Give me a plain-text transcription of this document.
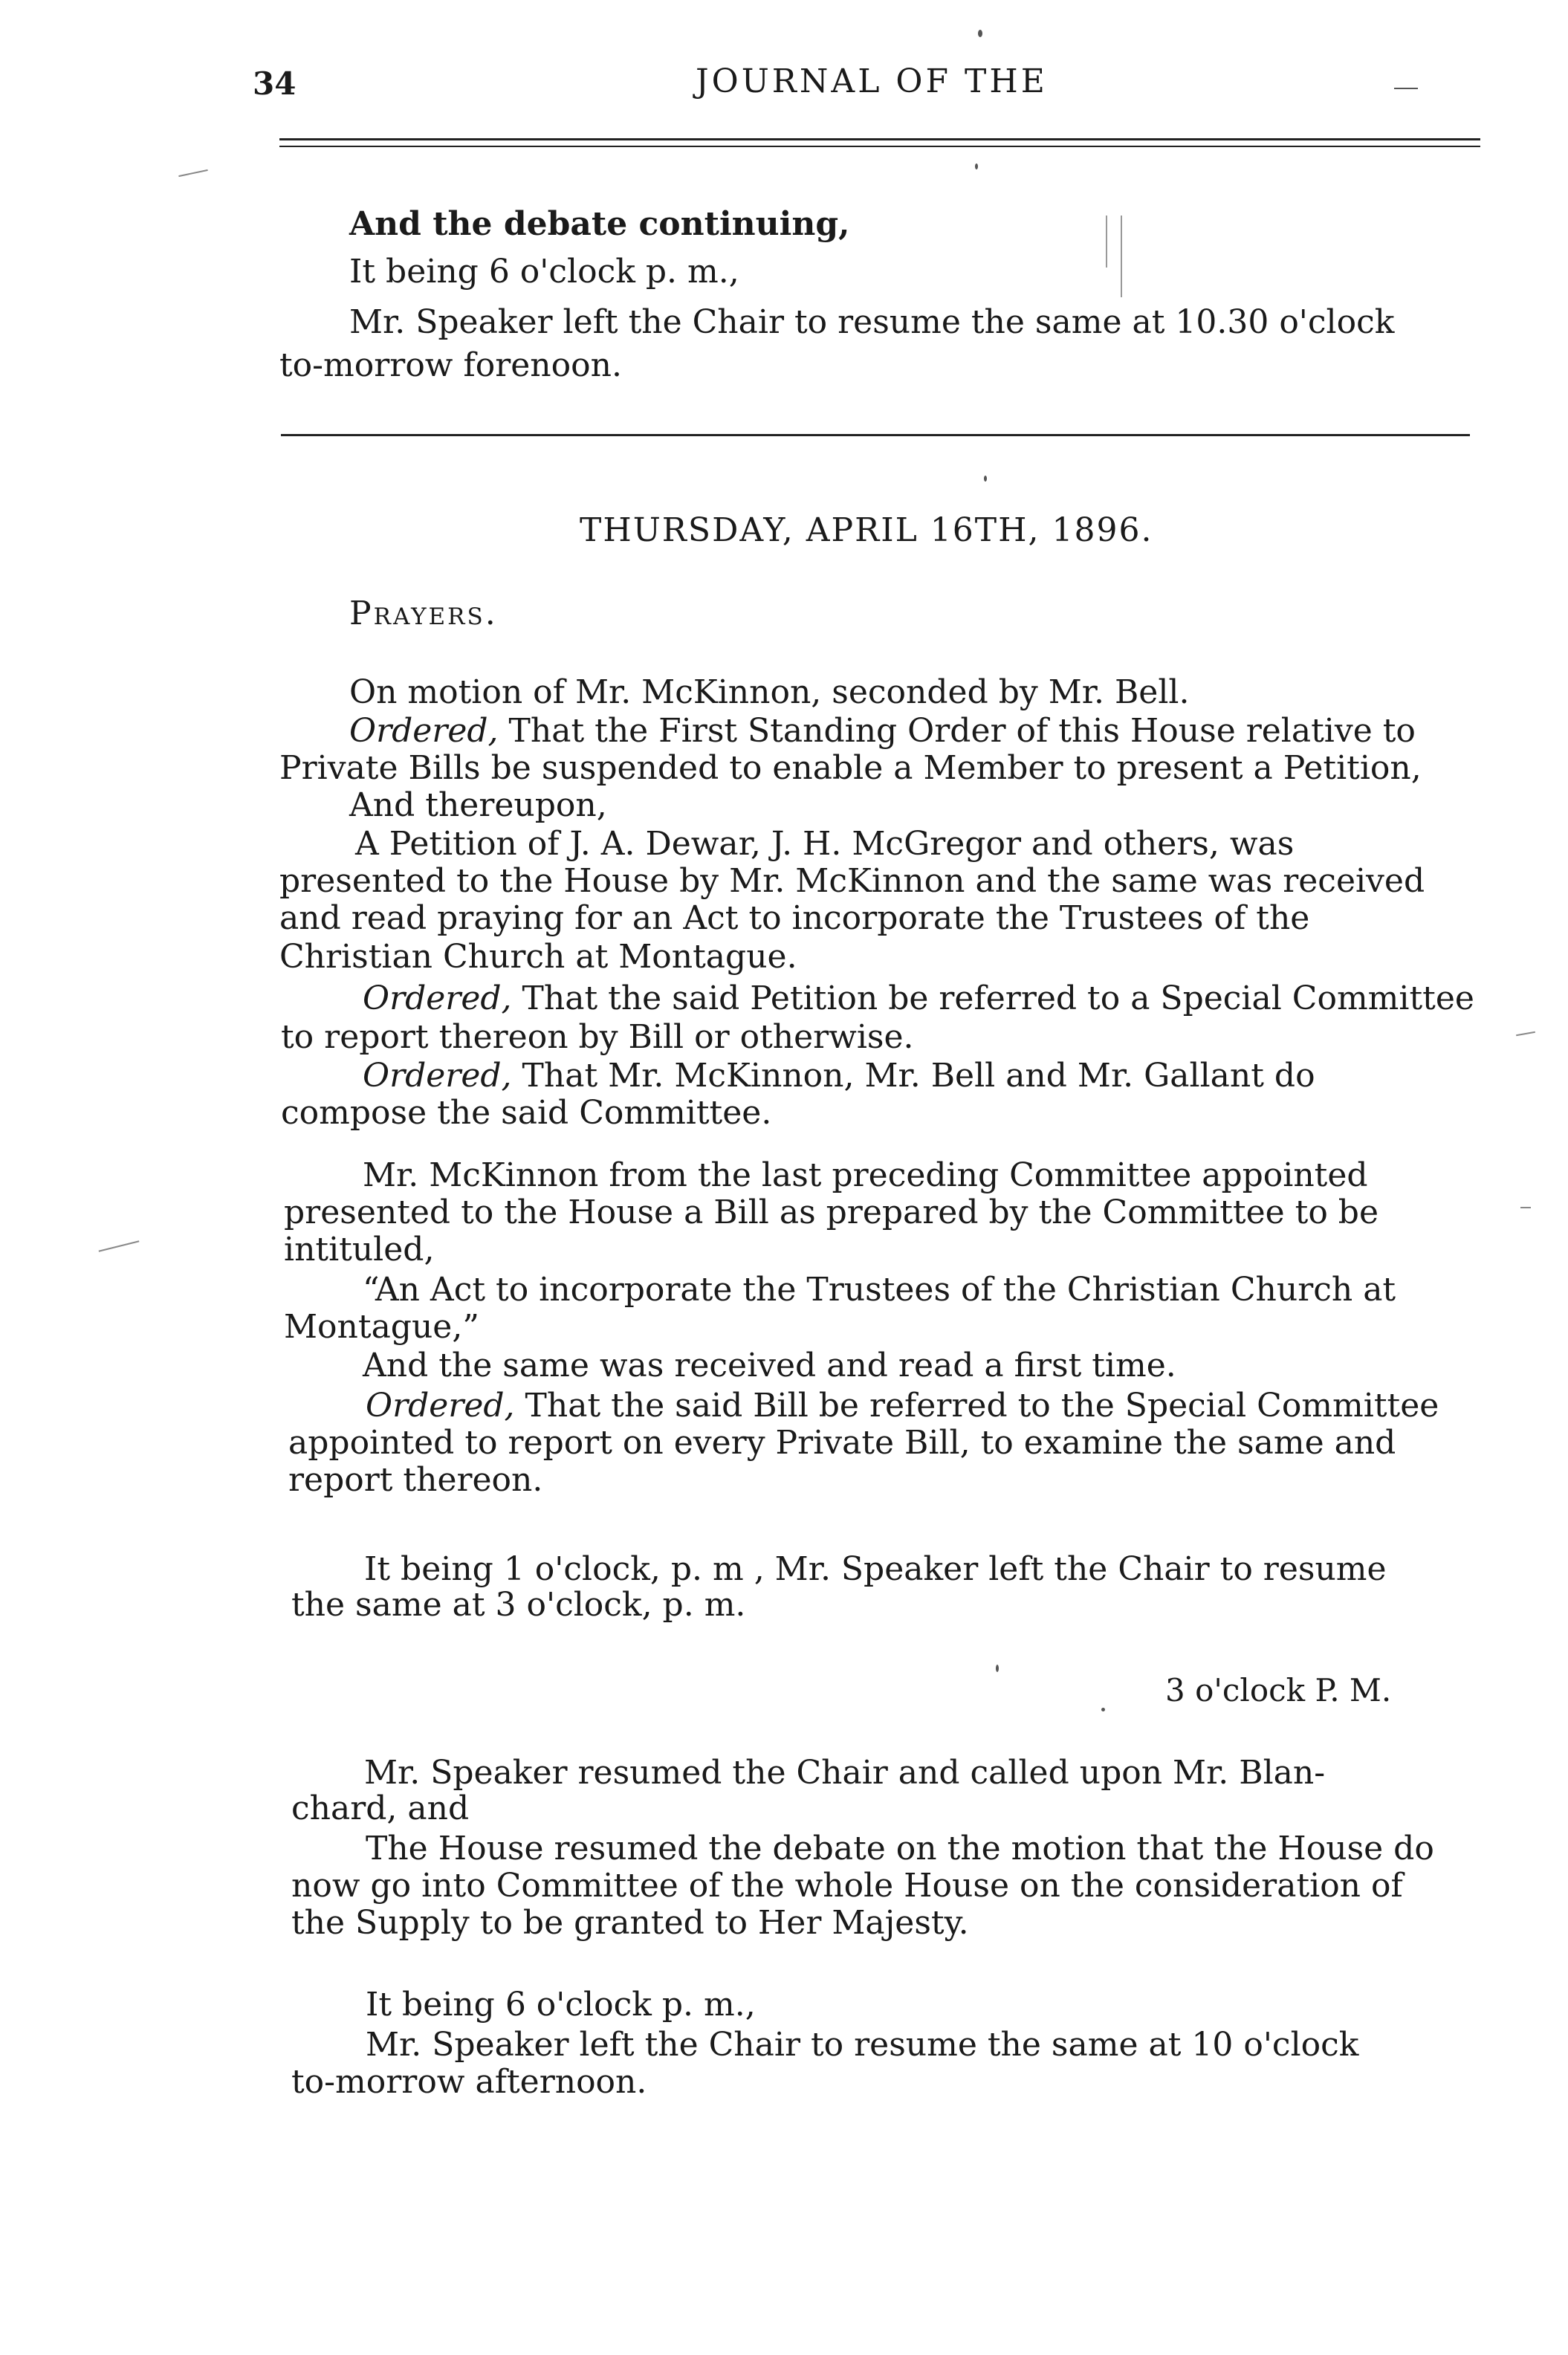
34	JOURNAL OF THE
And the debate continuing,
It being 6 o'clock p. m.,
Mr. Speaker left the Chair to resume the same at 10.30 o'clock
to-morrow forenoon.
THURSDAY, APRIL 16TH, 1896.
Prayers.
On motion of Mr. McKinnon, seconded by Mr. Bell.
Ordered, That the First Standing Order of this House relative to
Private Bills be suspended to enable a Member to present a Petition,
And thereupon,
A Petition of J. A. Dewar, J. H. McGregor and others, was
presented to the House by Mr. McKinnon and the same was received
and read praying for an Act to incorporate the Trustees of the
Christian Church at Montague.
Ordered, That the said Petition be referred to a Special Committee
to report thereon by Bill or otherwise.
Ordered, That Mr. McKinnon, Mr. Bell and Mr. Gallant do
compose the said Committee.
Mr. McKinnon from the last preceding Committee appointed
presented to the House a Bill as prepared by the Committee to be
intituled,
“An Act to incorporate the Trustees of the Christian Church at
Montague,”
And the same was received and read a first time.
Ordered, That the said Bill be referred to the Special Committee
appointed to report on every Private Bill, to examine the same and
report thereon.
It being 1 o'clock, p. m , Mr. Speaker left the Chair to resume
the same at 3 o'clock, p. m.
3 o'clock P. M.
Mr. Speaker resumed the Chair and called upon Mr. Blan-
chard, and
The House resumed the debate on the motion that the House do
now go into Committee of the whole House on the consideration of
the Supply to be granted to Her Majesty.
It being 6 o'clock p. m.,
Mr. Speaker left the Chair to resume the same at 10 o'clock
to-morrow afternoon.
